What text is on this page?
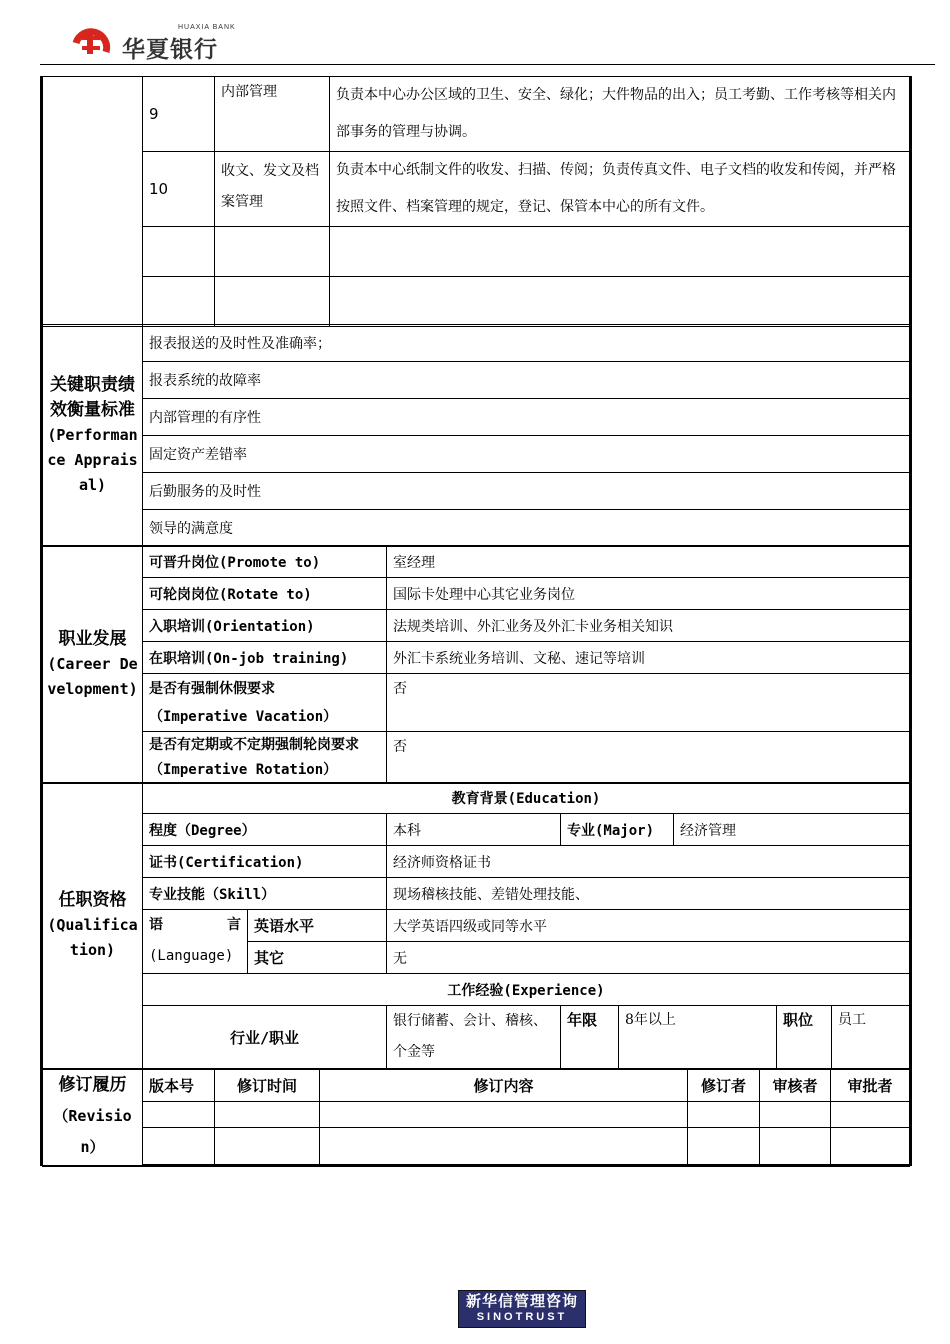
HUAXIA BANK
华夏银行
	9	内部管理	负责本中心办公区域的卫生、安全、绿化；大件物品的出入；员工考勤、工作考核等相关内部事务的管理与协调。
	10	收文、发文及档案管理	负责本中心纸制文件的收发、扫描、传阅；负责传真文件、电子文档的收发和传阅，并严格按照文件、档案管理的规定，登记、保管本中心的所有文件。

关键职责绩效衡量标准
(Performance Appraisal)
	报表报送的及时性及准确率；
报表系统的故障率
内部管理的有序性
固定资产差错率
后勤服务的及时性
领导的满意度
职业发展
(Career Development)	可晋升岗位(Promote to)	室经理
	可轮岗岗位(Rotate to)	国际卡处理中心其它业务岗位
	入职培训(Orientation)	法规类培训、外汇业务及外汇卡业务相关知识
	在职培训(On-job training)	外汇卡系统业务培训、文秘、速记等培训

	是否有强制休假要求
（Imperative Vacation）	否
	是否有定期或不定期强制轮岗要求（Imperative Rotation）	否
任职资格
(Qualification)	教育背景(Education)							
	程度（Degree）		本科	专业(Major)		经济管理		
	证书(Certification)		经济师资格证书					
	专业技能（Skill）		现场稽核技能、差错处理技能、					

	语 言
(Language)	英语水平	大学英语四级或同等水平					
		其它	无					
	工作经验(Experience)							
	行业/职业		银行储蓄、会计、稽核、个金等	年限	8年以上		职位	员工
修订履历
（Revision）	版本号	修订时间	修订内容	修订者	审核者	审批者

新华信管理咨询
SINOTRUST
